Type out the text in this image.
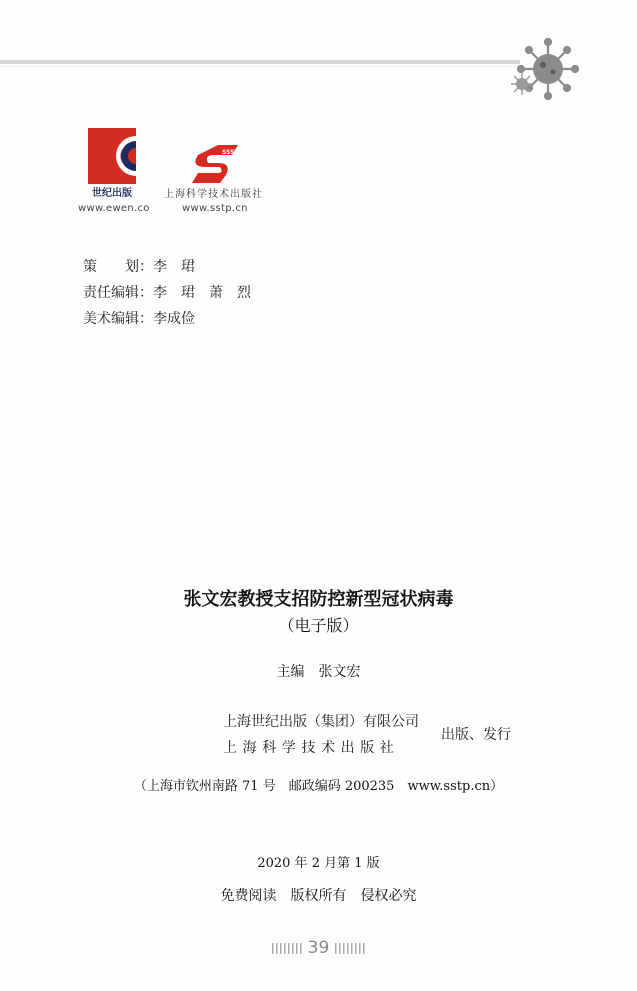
世纪出版
www.ewen.co
SSSTP
上海科学技术出版社
www.sstp.cn
策　　划：李　珺
责任编辑：李　珺　萧　烈
美术编辑：李成俭
张文宏教授支招防控新型冠状病毒
（电子版）
主编　张文宏
上海世纪出版（集团）有限公司
上海科学技术出版社
出版、发行
（上海市钦州南路 71 号　邮政编码 200235　www.sstp.cn）
2020 年 2 月第 1 版
免费阅读　版权所有　侵权必究
39
